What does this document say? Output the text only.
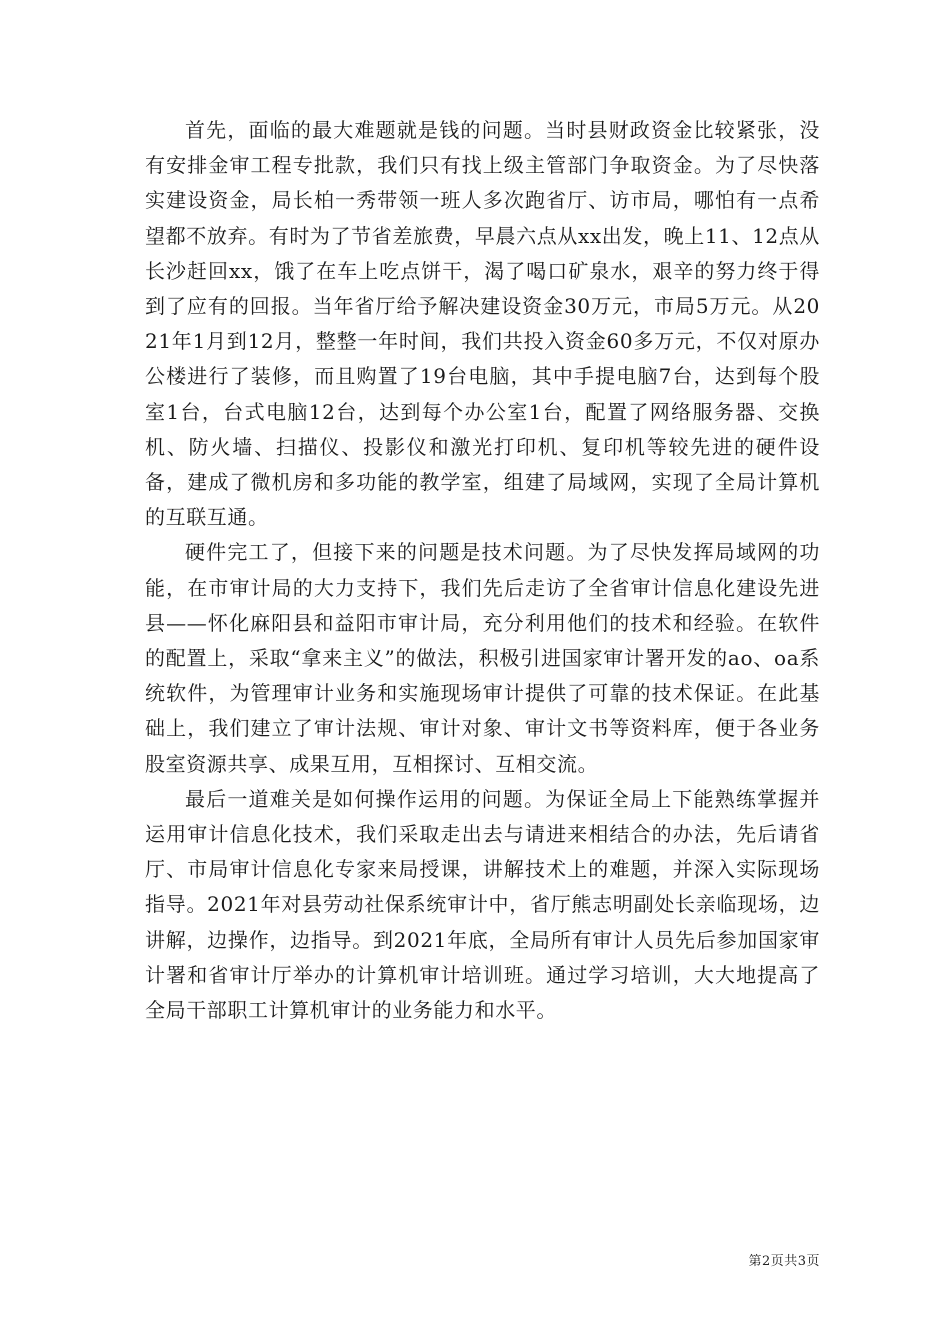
首先，面临的最大难题就是钱的问题。当时县财政资金比较紧张，没有安排金审工程专批款，我们只有找上级主管部门争取资金。为了尽快落实建设资金，局长柏一秀带领一班人多次跑省厅、访市局，哪怕有一点希望都不放弃。有时为了节省差旅费，早晨六点从xx出发，晚上11、12点从长沙赶回xx，饿了在车上吃点饼干，渴了喝口矿泉水，艰辛的努力终于得到了应有的回报。当年省厅给予解决建设资金30万元，市局5万元。从2021年1月到12月，整整一年时间，我们共投入资金60多万元，不仅对原办公楼进行了装修，而且购置了19台电脑，其中手提电脑7台，达到每个股室1台，台式电脑12台，达到每个办公室1台，配置了网络服务器、交换机、防火墙、扫描仪、投影仪和激光打印机、复印机等较先进的硬件设备，建成了微机房和多功能的教学室，组建了局域网，实现了全局计算机的互联互通。

硬件完工了，但接下来的问题是技术问题。为了尽快发挥局域网的功能，在市审计局的大力支持下，我们先后走访了全省审计信息化建设先进县——怀化麻阳县和益阳市审计局，充分利用他们的技术和经验。在软件的配置上，采取“拿来主义”的做法，积极引进国家审计署开发的ao、oa系统软件，为管理审计业务和实施现场审计提供了可靠的技术保证。在此基础上，我们建立了审计法规、审计对象、审计文书等资料库，便于各业务股室资源共享、成果互用，互相探讨、互相交流。

最后一道难关是如何操作运用的问题。为保证全局上下能熟练掌握并运用审计信息化技术，我们采取走出去与请进来相结合的办法，先后请省厅、市局审计信息化专家来局授课，讲解技术上的难题，并深入实际现场指导。2021年对县劳动社保系统审计中，省厅熊志明副处长亲临现场，边讲解，边操作，边指导。到2021年底，全局所有审计人员先后参加国家审计署和省审计厅举办的计算机审计培训班。通过学习培训，大大地提高了全局干部职工计算机审计的业务能力和水平。

第2页共3页
